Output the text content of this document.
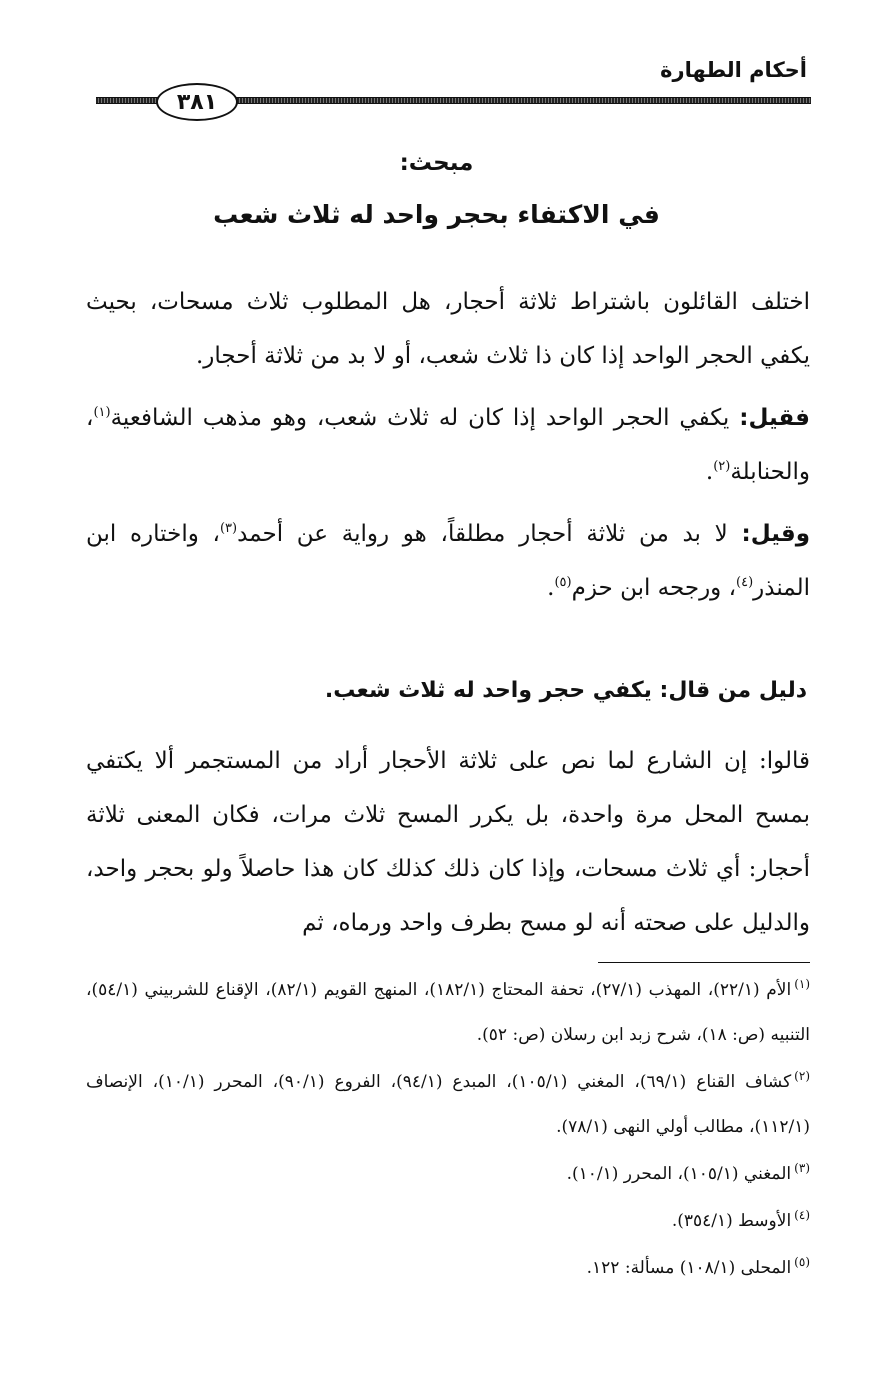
أحكام الطهارة
٣٨١
مبحث:
في الاكتفاء بحجر واحد له ثلاث شعب

اختلف القائلون باشتراط ثلاثة أحجار، هل المطلوب ثلاث مسحات، بحيث يكفي الحجر الواحد إذا كان ذا ثلاث شعب، أو لا بد من ثلاثة أحجار.

فقيل: يكفي الحجر الواحد إذا كان له ثلاث شعب، وهو مذهب الشافعية$^{(١)}$، والحنابلة$^{(٢)}$.

وقيل: لا بد من ثلاثة أحجار مطلقاً، هو رواية عن أحمد$^{(٣)}$، واختاره ابن المنذر$^{(٤)}$، ورجحه ابن حزم$^{(٥)}$.

دليل من قال: يكفي حجر واحد له ثلاث شعب.

قالوا: إن الشارع لما نص على ثلاثة الأحجار أراد من المستجمر ألا يكتفي بمسح المحل مرة واحدة، بل يكرر المسح ثلاث مرات، فكان المعنى ثلاثة أحجار: أي ثلاث مسحات، وإذا كان ذلك كذلك كان هذا حاصلاً ولو بحجر واحد، والدليل على صحته أنه لو مسح بطرف واحد ورماه، ثم

$^{(١)}$الأم (٢٢/١)، المهذب (٢٧/١)، تحفة المحتاج (١٨٢/١)، المنهج القويم (٨٢/١)، الإقناع للشربيني (٥٤/١)، التنبيه (ص: ١٨)، شرح زبد ابن رسلان (ص: ٥٢).
$^{(٢)}$كشاف القناع (٦٩/١)، المغني (١٠٥/١)، المبدع (٩٤/١)، الفروع (٩٠/١)، المحرر (١٠/١)، الإنصاف (١١٢/١)، مطالب أولي النهى (٧٨/١).
$^{(٣)}$المغني (١٠٥/١)، المحرر (١٠/١).
$^{(٤)}$الأوسط (٣٥٤/١).
$^{(٥)}$المحلى (١٠٨/١) مسألة: ١٢٢.
